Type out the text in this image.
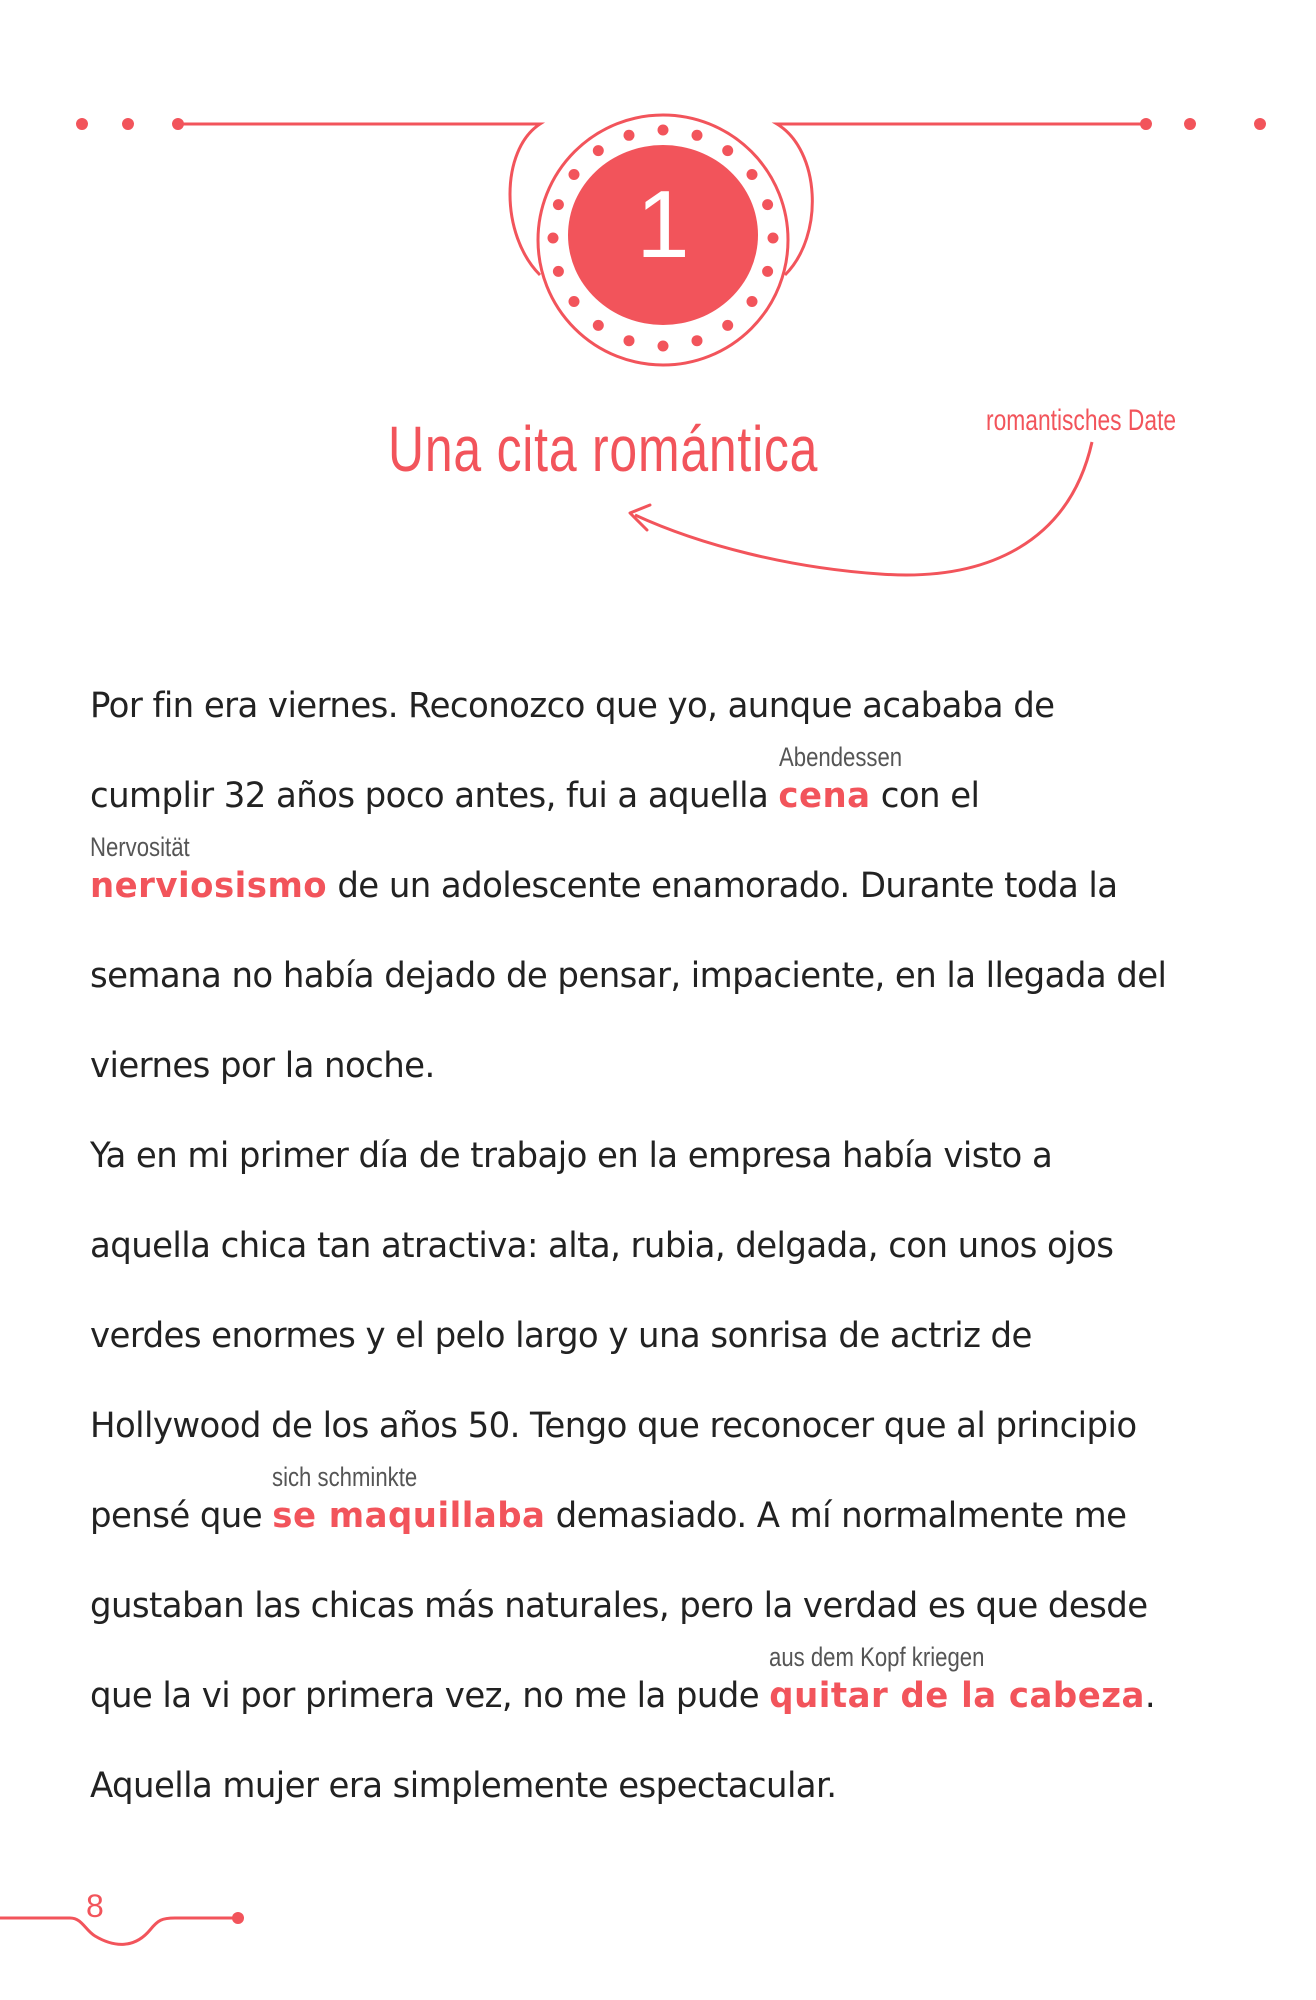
1
Una cita romántica	romantisches Date
Por fin era viernes. Reconozco que yo, aunque acababa de
cumplir 32 años poco antes, fui a aquella cena con el
Abendessen
nerviosismo de un adolescente enamorado. Durante toda la
Nervosität
semana no había dejado de pensar, impaciente, en la llegada del
viernes por la noche.
Ya en mi primer día de trabajo en la empresa había visto a
aquella chica tan atractiva: alta, rubia, delgada, con unos ojos
verdes enormes y el pelo largo y una sonrisa de actriz de
Hollywood de los años 50. Tengo que reconocer que al principio
pensé que se maquillaba demasiado. A mí normalmente me
sich schminkte
gustaban las chicas más naturales, pero la verdad es que desde
que la vi por primera vez, no me la pude quitar de la cabeza.
aus dem Kopf kriegen
Aquella mujer era simplemente espectacular.
8
